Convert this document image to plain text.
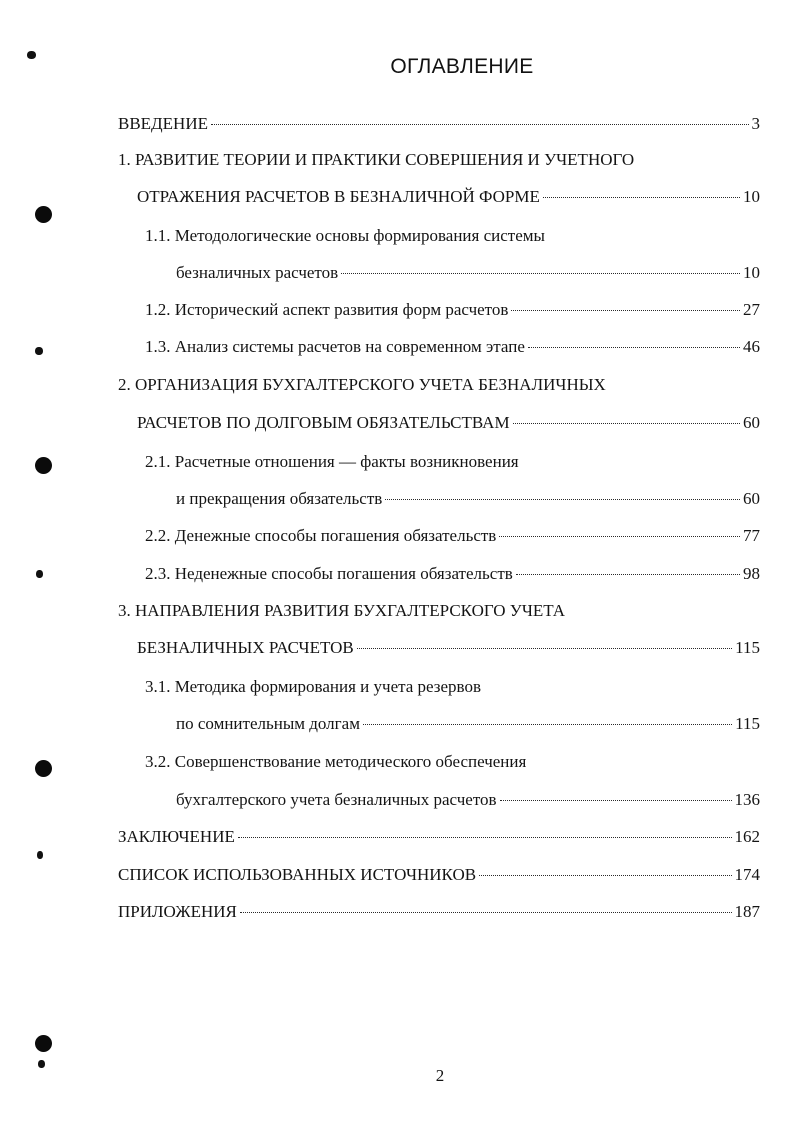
ОГЛАВЛЕНИЕ
ВВЕДЕНИЕ	3
1. РАЗВИТИЕ ТЕОРИИ И ПРАКТИКИ СОВЕРШЕНИЯ И УЧЕТНОГО
ОТРАЖЕНИЯ РАСЧЕТОВ В БЕЗНАЛИЧНОЙ ФОРМЕ	10
1.1. Методологические основы формирования системы
безналичных расчетов	10
1.2. Исторический аспект развития форм расчетов	27
1.3. Анализ системы расчетов на современном этапе	46
2. ОРГАНИЗАЦИЯ БУХГАЛТЕРСКОГО УЧЕТА БЕЗНАЛИЧНЫХ
РАСЧЕТОВ ПО ДОЛГОВЫМ ОБЯЗАТЕЛЬСТВАМ	60
2.1. Расчетные отношения — факты возникновения
и прекращения обязательств	60
2.2. Денежные способы погашения обязательств	77
2.3. Неденежные способы погашения обязательств	98
3. НАПРАВЛЕНИЯ РАЗВИТИЯ БУХГАЛТЕРСКОГО УЧЕТА
БЕЗНАЛИЧНЫХ РАСЧЕТОВ	115
3.1. Методика формирования и учета резервов
по сомнительным долгам	115
3.2. Совершенствование методического обеспечения
бухгалтерского учета безналичных расчетов	136
ЗАКЛЮЧЕНИЕ	162
СПИСОК ИСПОЛЬЗОВАННЫХ ИСТОЧНИКОВ	174
ПРИЛОЖЕНИЯ	187
2
